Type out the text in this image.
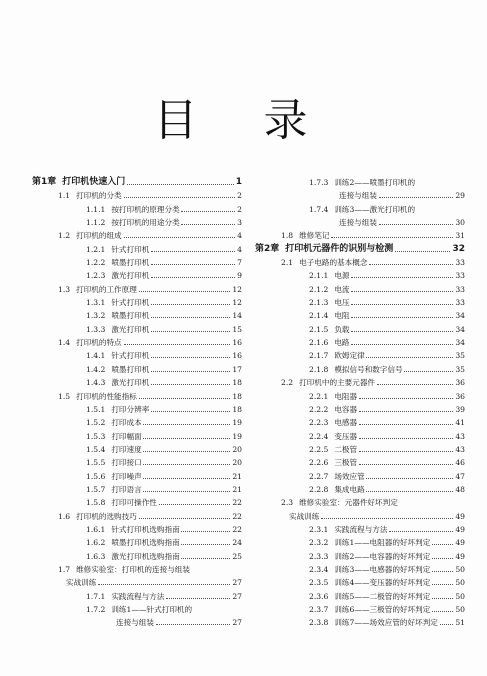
目 录
第1章 打印机快速入门	1
1.1 打印机的分类	2
1.1.1 按打印机的原理分类	2
1.1.2 按打印机的用途分类	3
1.2 打印机的组成	4
1.2.1 针式打印机	4
1.2.2 喷墨打印机	7
1.2.3 激光打印机	9
1.3 打印机的工作原理	12
1.3.1 针式打印机	12
1.3.2 喷墨打印机	14
1.3.3 激光打印机	15
1.4 打印机的特点	16
1.4.1 针式打印机	16
1.4.2 喷墨打印机	17
1.4.3 激光打印机	18
1.5 打印机的性能指标	18
1.5.1 打印分辨率	18
1.5.2 打印成本	19
1.5.3 打印幅面	19
1.5.4 打印速度	20
1.5.5 打印接口	20
1.5.6 打印噪声	21
1.5.7 打印语言	21
1.5.8 打印可操作性	22
1.6 打印机的选购技巧	22
1.6.1 针式打印机选购指南	22
1.6.2 喷墨打印机选购指南	24
1.6.3 激光打印机选购指南	25
1.7 维修实验室：打印机的连接与组装
实战训练	27
1.7.1 实践流程与方法	27
1.7.2 训练1——针式打印机的
连接与组装	27
1.7.3 训练2——喷墨打印机的
连接与组装	29
1.7.4 训练3——激光打印机的
连接与组装	30
1.8 维修笔记	31
第2章 打印机元器件的识别与检测	32
2.1 电子电路的基本概念	33
2.1.1 电源	33
2.1.2 电流	33
2.1.3 电压	33
2.1.4 电阻	34
2.1.5 负载	34
2.1.6 电路	34
2.1.7 欧姆定律	35
2.1.8 模拟信号和数字信号	35
2.2 打印机中的主要元器件	36
2.2.1 电阻器	36
2.2.2 电容器	39
2.2.3 电感器	41
2.2.4 变压器	43
2.2.5 二极管	43
2.2.6 三极管	46
2.2.7 场效应管	47
2.2.8 集成电路	48
2.3 维修实验室：元器件好坏判定
实战训练	49
2.3.1 实践流程与方法	49
2.3.2 训练1——电阻器的好坏判定	49
2.3.3 训练2——电容器的好坏判定	49
2.3.4 训练3——电感器的好坏判定	50
2.3.5 训练4——变压器的好坏判定	50
2.3.6 训练5——二极管的好坏判定	50
2.3.7 训练6——三极管的好坏判定	50
2.3.8 训练7——场效应管的好坏判定 51
